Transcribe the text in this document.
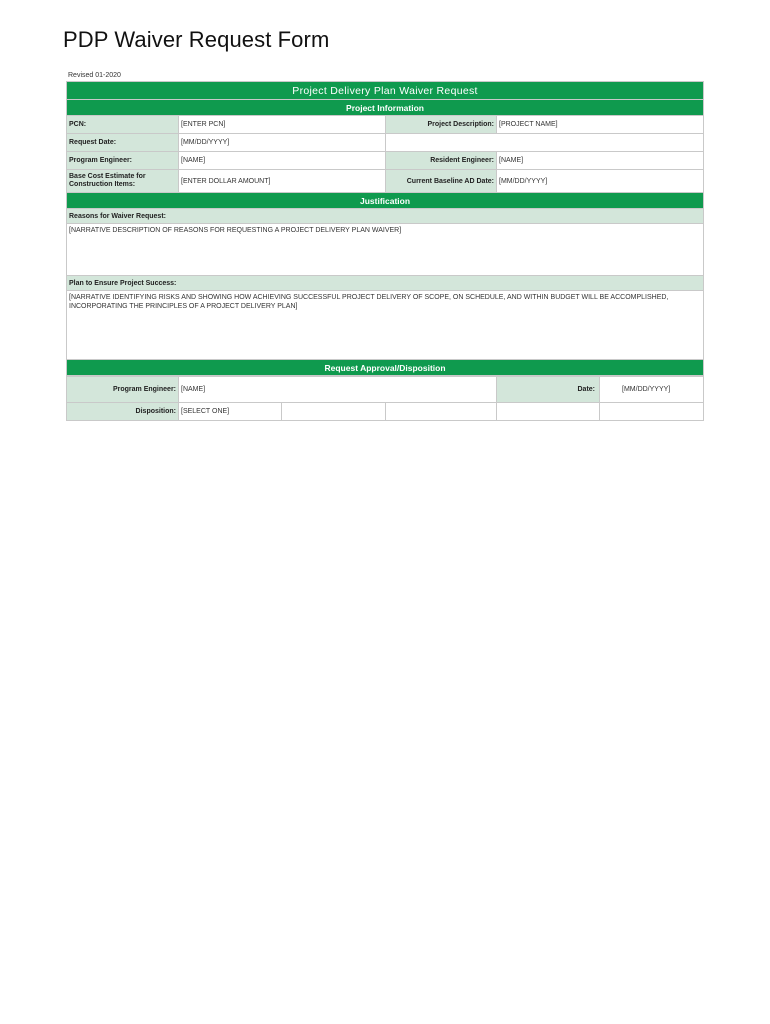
PDP Waiver Request Form
Revised 01-2020
Project Delivery Plan Waiver Request			
Project Information			
PCN:	[ENTER PCN]	Project Description:	[PROJECT NAME]
Request Date:	[MM/DD/YYYY]		
Program Engineer:	[NAME]	Resident Engineer:	[NAME]
Base Cost Estimate for Construction Items:	[ENTER DOLLAR AMOUNT]	Current Baseline AD Date:	[MM/DD/YYYY]
Justification			
Reasons for Waiver Request:			
[NARRATIVE DESCRIPTION OF REASONS FOR REQUESTING A PROJECT DELIVERY PLAN WAIVER]			
Plan to Ensure Project Success:			
[NARRATIVE IDENTIFYING RISKS AND SHOWING HOW ACHIEVING SUCCESSFUL PROJECT DELIVERY OF SCOPE, ON SCHEDULE, AND WITHIN BUDGET WILL BE ACCOMPLISHED, INCORPORATING THE PRINCIPLES OF A PROJECT DELIVERY PLAN]			
Request Approval/Disposition			
Program Engineer:	[NAME]			Date:	[MM/DD/YYYY]
Disposition:	[SELECT ONE]				
